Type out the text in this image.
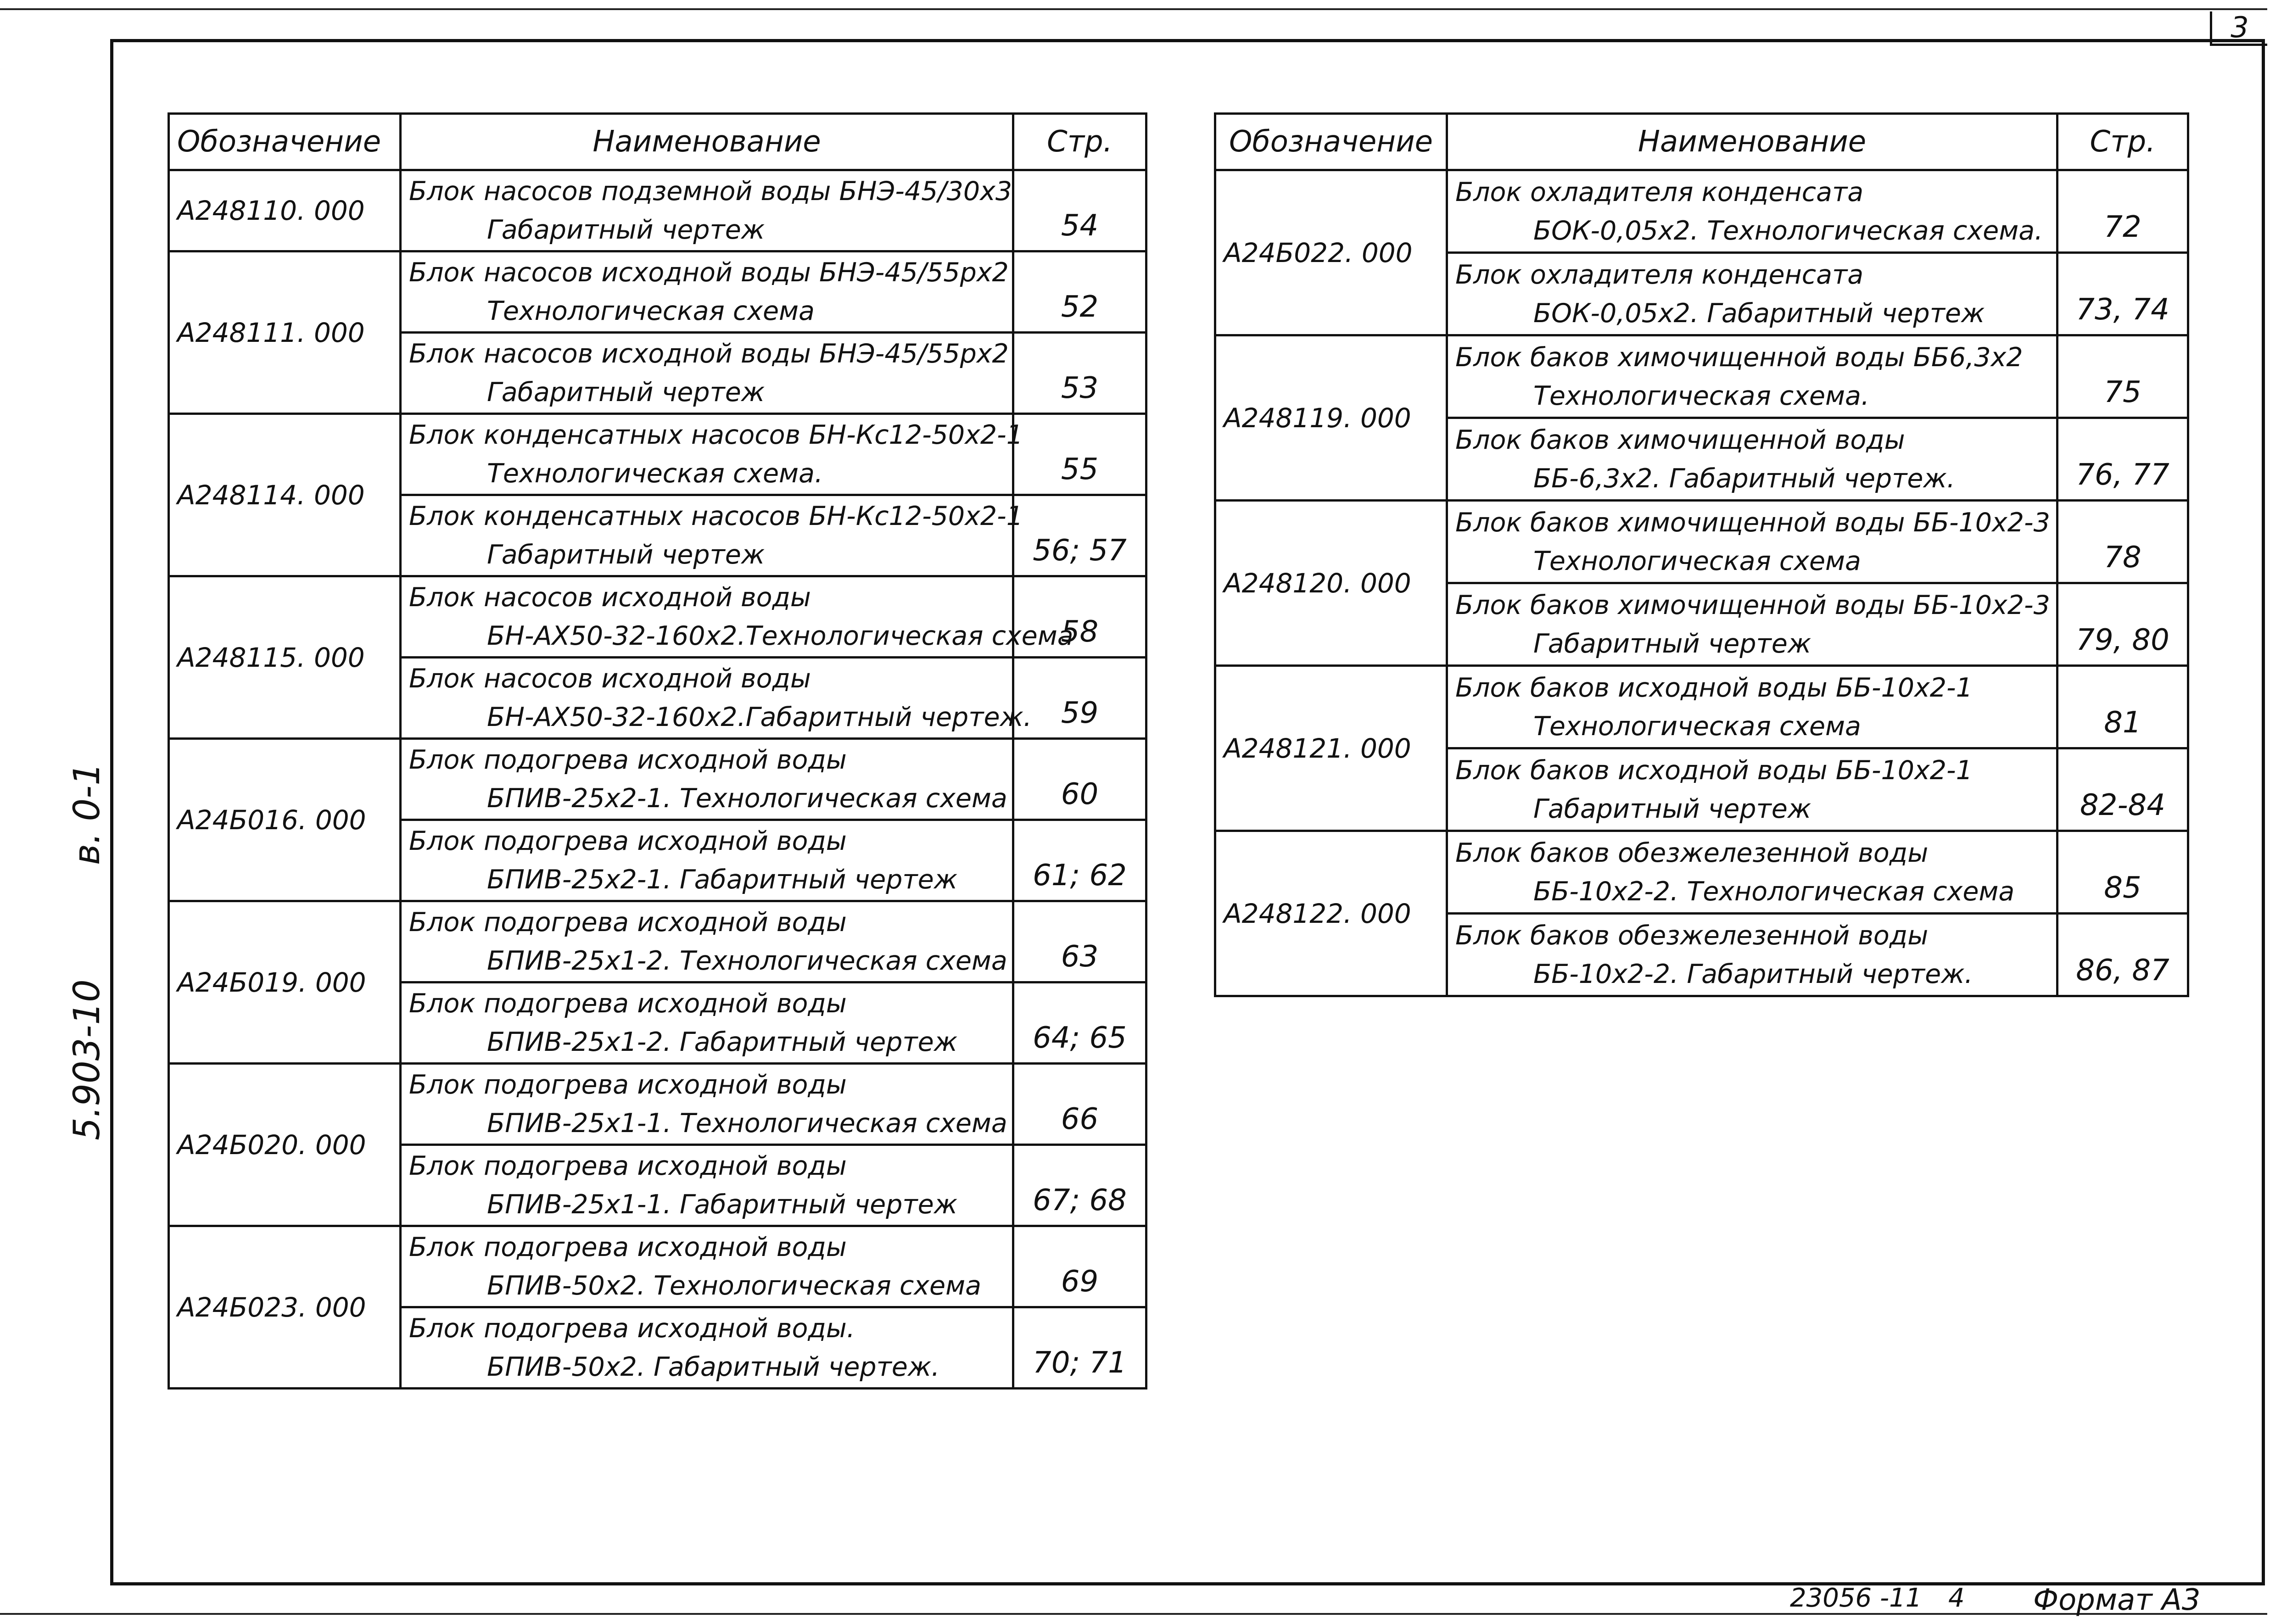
3
в. 0-1
5.903-10
Обозначение	Наименование	Стр.
А248110. 000	Блок насосов подземной воды БНЭ-45/30х3
Габаритный чертеж	54
А248111. 000	Блок насосов исходной воды БНЭ-45/55рх2
Технологическая схема	52

	Блок насосов исходной воды БНЭ-45/55рх2
Габаритный чертеж	53
А248114. 000	Блок конденсатных насосов БН-Кс12-50х2-1
Технологическая схема.	55

	Блок конденсатных насосов БН-Кс12-50х2-1
Габаритный чертеж	56; 57
А248115. 000	Блок насосов исходной воды
БН-АХ50-32-160х2.Технологическая схема	58

	Блок насосов исходной воды
БН-АХ50-32-160х2.Габаритный чертеж.	59
А24Б016. 000	Блок подогрева исходной воды
БПИВ-25х2-1. Технологическая схема	60

	Блок подогрева исходной воды
БПИВ-25х2-1. Габаритный чертеж	61; 62
А24Б019. 000	Блок подогрева исходной воды
БПИВ-25х1-2. Технологическая схема	63

	Блок подогрева исходной воды
БПИВ-25х1-2. Габаритный чертеж	64; 65
А24Б020. 000	Блок подогрева исходной воды
БПИВ-25х1-1. Технологическая схема	66

	Блок подогрева исходной воды
БПИВ-25х1-1. Габаритный чертеж	67; 68
А24Б023. 000	Блок подогрева исходной воды
БПИВ-50х2. Технологическая схема	69

	Блок подогрева исходной воды.
БПИВ-50х2. Габаритный чертеж.	70; 71
Обозначение	Наименование	Стр.
А24Б022. 000	Блок охладителя конденсата
БОК-0,05х2. Технологическая схема.	72

	Блок охладителя конденсата
БОК-0,05х2. Габаритный чертеж	73, 74
А248119. 000	Блок баков химочищенной воды ББ6,3х2
Технологическая схема.	75

	Блок баков химочищенной воды
ББ-6,3х2. Габаритный чертеж.	76, 77
А248120. 000	Блок баков химочищенной воды ББ-10х2-3
Технологическая схема	78

	Блок баков химочищенной воды ББ-10х2-3
Габаритный чертеж	79, 80
А248121. 000	Блок баков исходной воды ББ-10х2-1
Технологическая схема	81

	Блок баков исходной воды ББ-10х2-1
Габаритный чертеж	82-84
А248122. 000	Блок баков обезжелезенной воды
ББ-10х2-2. Технологическая схема	85

	Блок баков обезжелезенной воды
ББ-10х2-2. Габаритный чертеж.	86, 87
23056 -11 4 Формат А3
